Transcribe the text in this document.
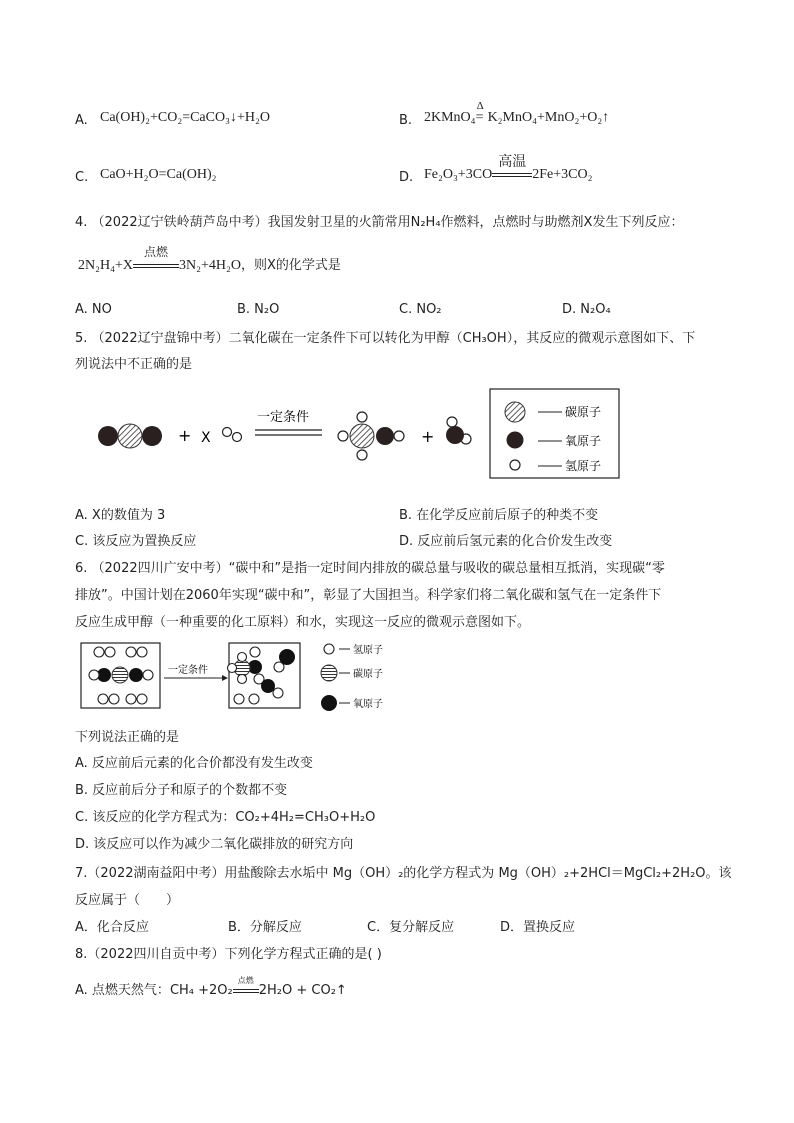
A. Ca(OH)₂+CO₂=CaCO₃↓+H₂O	B. 2KMnO₄
Δ
= K₂MnO₄+MnO₂+O₂↑
C. CaO+H₂O=Ca(OH)₂	D. Fe₂O₃+3CO
高温
2Fe+3CO₂
4. （2022辽宁铁岭葫芦岛中考）我国发射卫星的火箭常用N₂H₄作燃料，点燃时与助燃剂X发生下列反应：
2N₂H₄+X
点燃
3N₂+4H₂O，则X的化学式是
A. NO	B. N₂O	C. NO₂	D. N₂O₄
5. （2022辽宁盘锦中考）二氧化碳在一定条件下可以转化为甲醇（CH₃OH），其反应的微观示意图如下、下
列说法中不正确的是
+ X
一定条件
+
碳原子
氧原子
氢原子
A. X的数值为 3	B. 在化学反应前后原子的种类不变
C. 该反应为置换反应	D. 反应前后氢元素的化合价发生改变
6. （2022四川广安中考）“碳中和”是指一定时间内排放的碳总量与吸收的碳总量相互抵消，实现碳“零
排放”。中国计划在2060年实现“碳中和”，彰显了大国担当。科学家们将二氧化碳和氢气在一定条件下
反应生成甲醇（一种重要的化工原料）和水，实现这一反应的微观示意图如下。
一定条件
氢原子
碳原子
氧原子
下列说法正确的是
A. 反应前后元素的化合价都没有发生改变
B. 反应前后分子和原子的个数都不变
C. 该反应的化学方程式为：CO₂+4H₂=CH₃O+H₂O
D. 该反应可以作为减少二氧化碳排放的研究方向
7.（2022湖南益阳中考）用盐酸除去水垢中 Mg（OH）₂的化学方程式为 Mg（OH）₂+2HCl＝MgCl₂+2H₂O。该
反应属于（　　）
A．化合反应	B．分解反应	C．复分解反应	D．置换反应
8.（2022四川自贡中考）下列化学方程式正确的是( )
A. 点燃天然气：CH₄ +2O₂
点燃
2H₂O + CO₂↑
